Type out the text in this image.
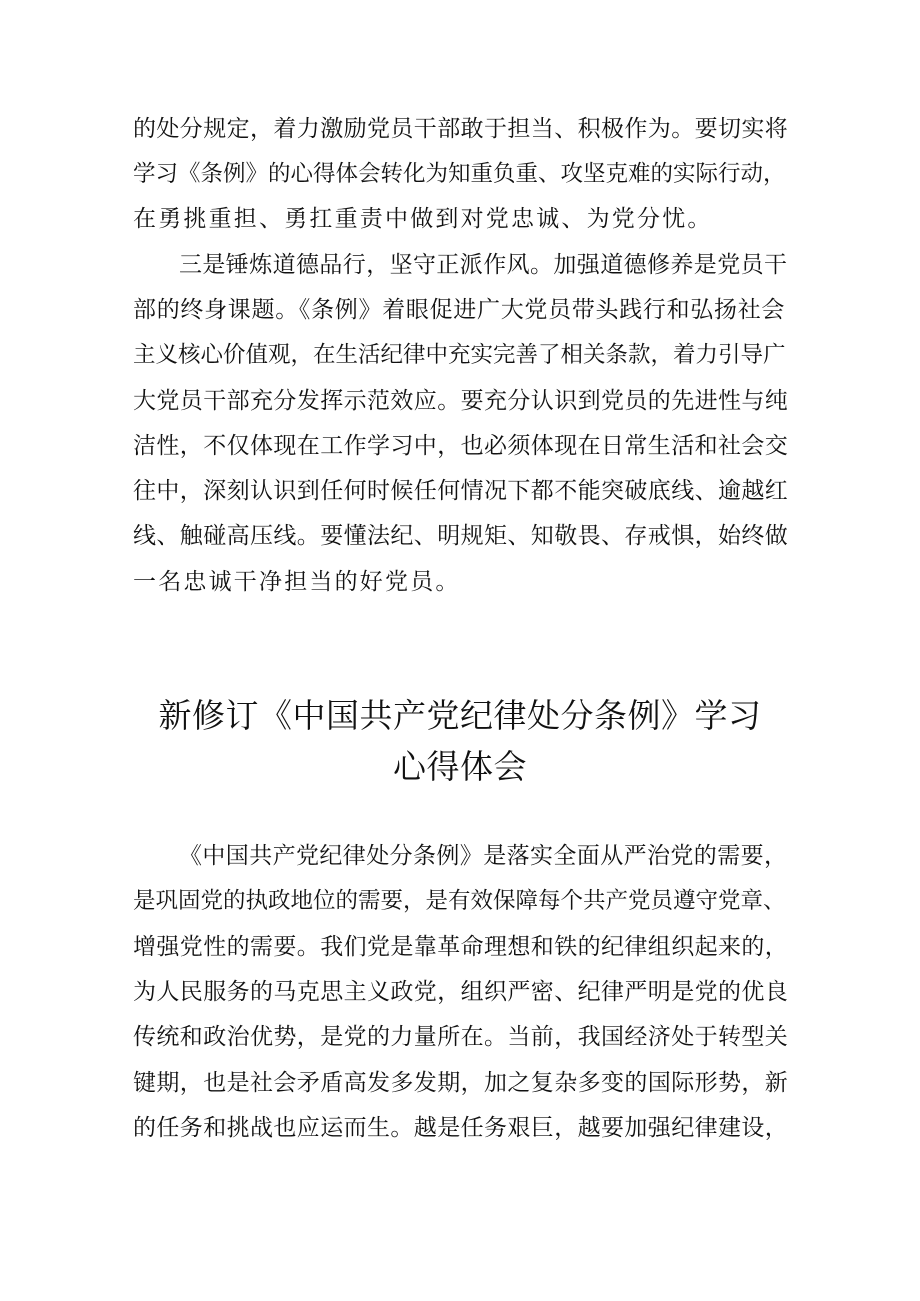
的处分规定，着力激励党员干部敢于担当、积极作为。要切实将
学习《条例》的心得体会转化为知重负重、攻坚克难的实际行动，
在勇挑重担、勇扛重责中做到对党忠诚、为党分忧。
三是锤炼道德品行，坚守正派作风。加强道德修养是党员干
部的终身课题。《条例》着眼促进广大党员带头践行和弘扬社会
主义核心价值观，在生活纪律中充实完善了相关条款，着力引导广
大党员干部充分发挥示范效应。要充分认识到党员的先进性与纯
洁性，不仅体现在工作学习中，也必须体现在日常生活和社会交
往中，深刻认识到任何时候任何情况下都不能突破底线、逾越红
线、触碰高压线。要懂法纪、明规矩、知敬畏、存戒惧，始终做
一名忠诚干净担当的好党员。
新修订《中国共产党纪律处分条例》学习
心得体会
《中国共产党纪律处分条例》是落实全面从严治党的需要，
是巩固党的执政地位的需要，是有效保障每个共产党员遵守党章、
增强党性的需要。我们党是靠革命理想和铁的纪律组织起来的，
为人民服务的马克思主义政党，组织严密、纪律严明是党的优良
传统和政治优势，是党的力量所在。当前，我国经济处于转型关
键期，也是社会矛盾高发多发期，加之复杂多变的国际形势，新
的任务和挑战也应运而生。越是任务艰巨，越要加强纪律建设，
